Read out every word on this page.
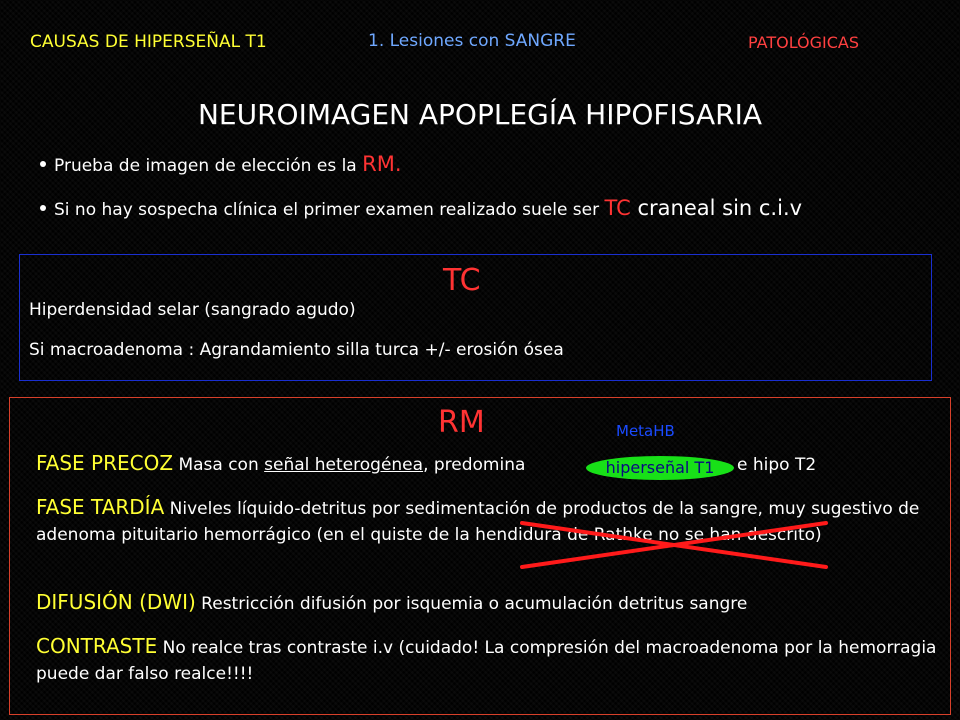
CAUSAS DE HIPERSEÑAL T1	1. Lesiones con SANGRE	PATOLÓGICAS
NEUROIMAGEN APOPLEGÍA HIPOFISARIA
Prueba de imagen de elección es la RM.
Si no hay sospecha clínica el primer examen realizado suele ser TC craneal sin c.i.v
TC
Hiperdensidad selar (sangrado agudo)
Si macroadenoma : Agrandamiento silla turca +/- erosión ósea
RM	MetaHB
FASE PRECOZ Masa con señal heterogénea, predomina	hiperseñal T1	e hipo T2
FASE TARDÍA Niveles líquido-detritus por sedimentación de productos de la sangre, muy sugestivo de adenoma pituitario hemorrágico (en el quiste de la hendidura de Rathke no se han descrito)
DIFUSIÓN (DWI) Restricción difusión por isquemia o acumulación detritus sangre
CONTRASTE No realce tras contraste i.v (cuidado! La compresión del macroadenoma por la hemorragia puede dar falso realce!!!!
